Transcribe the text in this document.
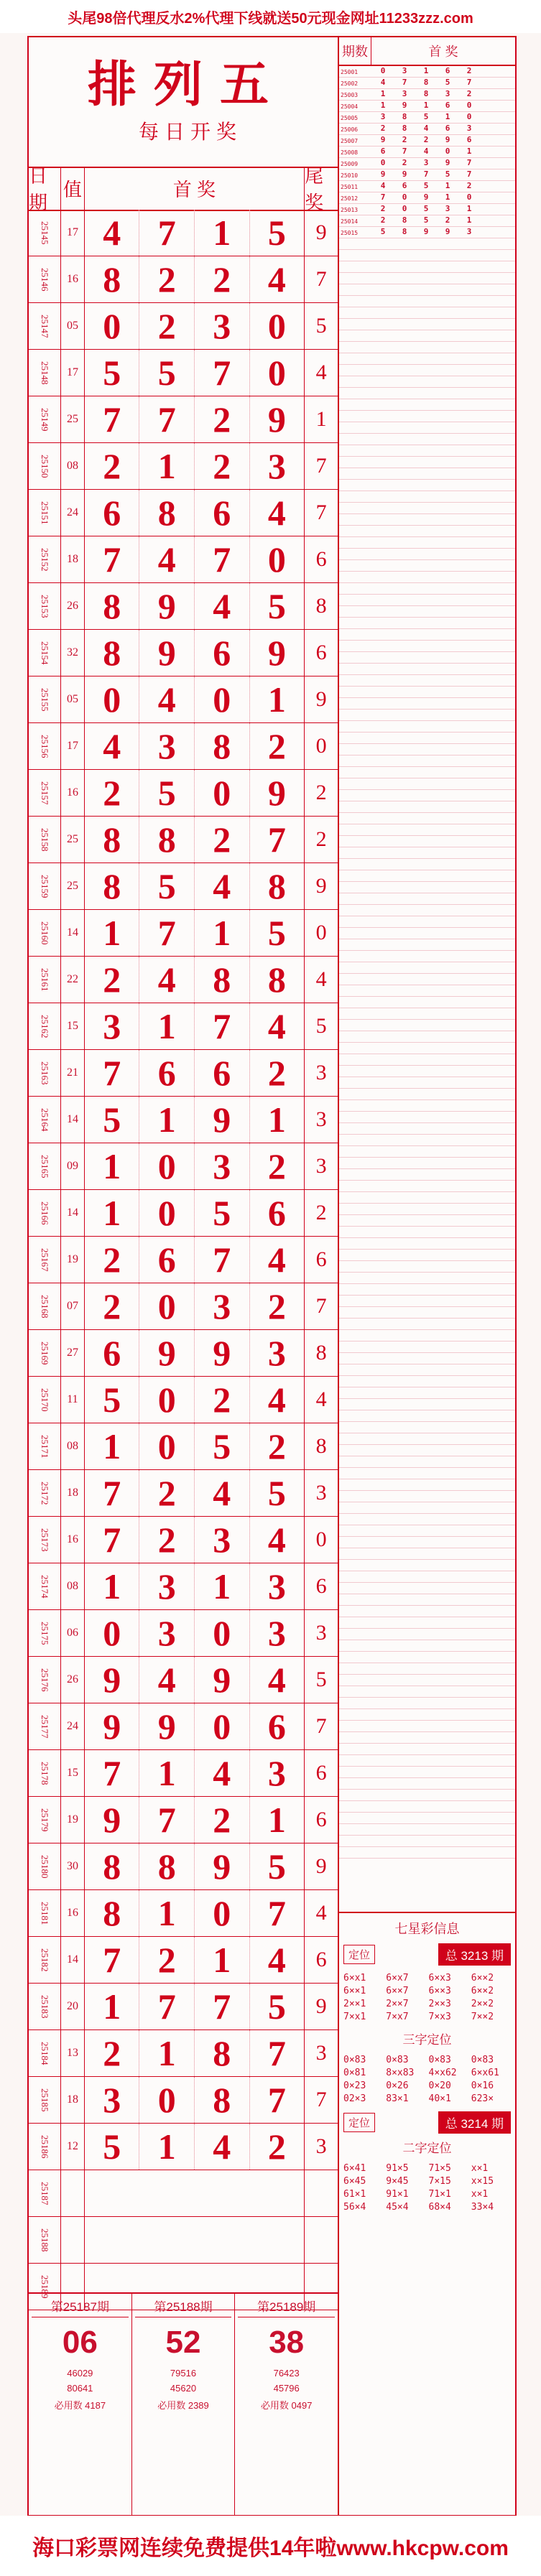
头尾98倍代理反水2%代理下线就送50元现金网址11233zzz.com
排列五
每日开奖
日期
值	首 奖
尾奖
25145	17 4	7	1	5	9
25146	16 8	2	2	4	7
25147	05 0	2	3	0	5
25148	17 5	5	7	0	4
25149	25 7	7	2	9	1
25150	08 2	1	2	3	7
25151	24 6	8	6	4	7
25152	18 7	4	7	0	6
25153	26 8	9	4	5	8
25154	32 8	9	6	9	6
25155	05 0	4	0	1	9
25156	17 4	3	8	2	0
25157	16 2	5	0	9	2
25158	25 8	8	2	7	2
25159	25 8	5	4	8	9
25160	14 1	7	1	5	0
25161	22 2	4	8	8	4
25162	15 3	1	7	4	5
25163	21 7	6	6	2	3
25164	14 5	1	9	1	3
25165	09 1	0	3	2	3
25166	14 1	0	5	6	2
25167	19 2	6	7	4	6
25168	07 2	0	3	2	7
25169	27 6	9	9	3	8
25170	11 5	0	2	4	4
25171	08 1	0	5	2	8
25172	18 7	2	4	5	3
25173	16 7	2	3	4	0
25174	08 1	3	1	3	6
25175	06 0	3	0	3	3
25176	26 9	4	9	4	5
25177	24 9	9	0	6	7
25178	15 7	1	4	3	6
25179	19 9	7	2	1	6
25180	30 8	8	9	5	9
25181	16 8	1	0	7	4
25182	14 7	2	1	4	6
25183	20 1	7	7	5	9
25184	13 2	1	8	7	3
25185	18 3	0	8	7	7
25186	12 5	1	4	2	3
25187
25188
25189
第25187期
06
46029
80641
必用数 4187
第25188期
52
79516
45620
必用数 2389
第25189期
38
76423
45796
必用数 0497
期数	首 奖
25001	0	3	1	6	2
25002	4	7	8	5	7
25003	1	3	8	3	2
25004	1	9	1	6	0
25005	3	8	5	1	0
25006	2	8	4	6	3
25007	9	2	2	9	6
25008	6	7	4	0	1
25009	0	2	3	9	7
25010	9	9	7	5	7
25011	4	6	5	1	2
25012	7	0	9	1	0
25013	2	0	5	3	1
25014	2	8	5	2	1
25015	5	8	9	9	3
七星彩信息
定位	总 3213 期
6×x1	6×x7	6×x3	6××2
6××1	6××7	6××3	6××2
2××1	2××7	2××3	2××2
7×x1	7×x7	7×x3	7××2
三字定位
0×83	0×83	0×83	0×83
0×81	8×x83	4×x62	6×x61
0×23	0×26	0×20	0×16
02×3	83×1	40×1	623×
定位	总 3214 期
二字定位
6×41	91×5	71×5	x×1
6×45	9×45	7×15	x×15
61×1	91×1	71×1	x×1
56×4	45×4	68×4	33×4
海口彩票网连续免费提供14年啦www.hkcpw.com
